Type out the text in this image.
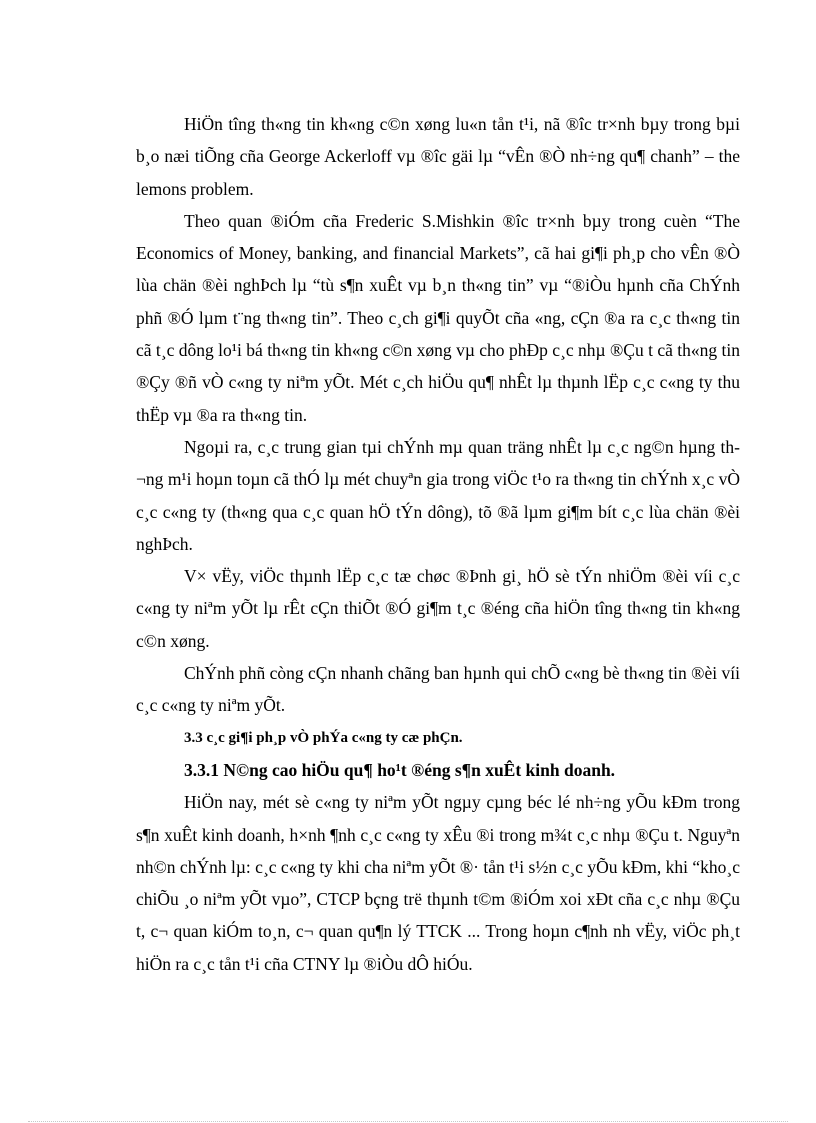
HiÖn tîng th«ng tin kh«ng c©n xøng lu«n tån t¹i, nã ®îc tr×nh bµy trong bµi b¸o næi tiÕng cña George Ackerloff vµ ®îc gäi lµ “vÊn ®Ò nh÷ng qu¶ chanh” – the lemons problem.

Theo quan ®iÓm cña Frederic S.Mishkin ®îc tr×nh bµy trong cuèn “The Economics of Money, banking, and financial Markets”, cã hai gi¶i ph¸p cho vÊn ®Ò lùa chän ®èi nghÞch lµ “tù s¶n xuÊt vµ b¸n th«ng tin” vµ “®iÒu hµnh cña ChÝnh phñ ®Ó lµm t¨ng th«ng tin”. Theo c¸ch gi¶i quyÕt cña «ng, cÇn ®a ra c¸c th«ng tin cã t¸c dông lo¹i bá th«ng tin kh«ng c©n xøng vµ cho phÐp c¸c nhµ ®Çu t cã th«ng tin ®Çy ®ñ vÒ c«ng ty niªm yÕt. Mét c¸ch hiÖu qu¶ nhÊt lµ thµnh lËp c¸c c«ng ty thu thËp vµ ®a ra th«ng tin.

Ngoµi ra, c¸c trung gian tµi chÝnh mµ quan träng nhÊt lµ c¸c ng©n hµng th¬ng m¹i hoµn toµn cã thÓ lµ mét chuyªn gia trong viÖc t¹o ra th«ng tin chÝnh x¸c vÒ c¸c c«ng ty (th«ng qua c¸c quan hÖ tÝn dông), tõ ®ã lµm gi¶m bít c¸c lùa chän ®èi nghÞch.

V× vËy, viÖc thµnh lËp c¸c tæ chøc ®Þnh gi¸ hÖ sè tÝn nhiÖm ®èi víi c¸c c«ng ty niªm yÕt lµ rÊt cÇn thiÕt ®Ó gi¶m t¸c ®éng cña hiÖn tîng th«ng tin kh«ng c©n xøng.

ChÝnh phñ còng cÇn nhanh chãng ban hµnh qui chÕ c«ng bè th«ng tin ®èi víi c¸c c«ng ty niªm yÕt.

3.3 c¸c gi¶i ph¸p vÒ phÝa c«ng ty cæ phÇn.

3.3.1 N©ng cao hiÖu qu¶ ho¹t ®éng s¶n xuÊt kinh doanh.

HiÖn nay, mét sè c«ng ty niªm yÕt ngµy cµng béc lé nh÷ng yÕu kÐm trong s¶n xuÊt kinh doanh, h×nh ¶nh c¸c c«ng ty xÊu ®i trong m¾t c¸c nhµ ®Çu t. Nguyªn nh©n chÝnh lµ: c¸c c«ng ty khi cha niªm yÕt ®· tån t¹i s½n c¸c yÕu kÐm, khi “kho¸c chiÕu ¸o niªm yÕt vµo”, CTCP bçng trë thµnh t©m ®iÓm xoi xÐt cña c¸c nhµ ®Çu t, c¬ quan kiÓm to¸n, c¬ quan qu¶n lý TTCK ... Trong hoµn c¶nh nh vËy, viÖc ph¸t hiÖn ra c¸c tån t¹i cña CTNY lµ ®iÒu dÔ hiÓu.
